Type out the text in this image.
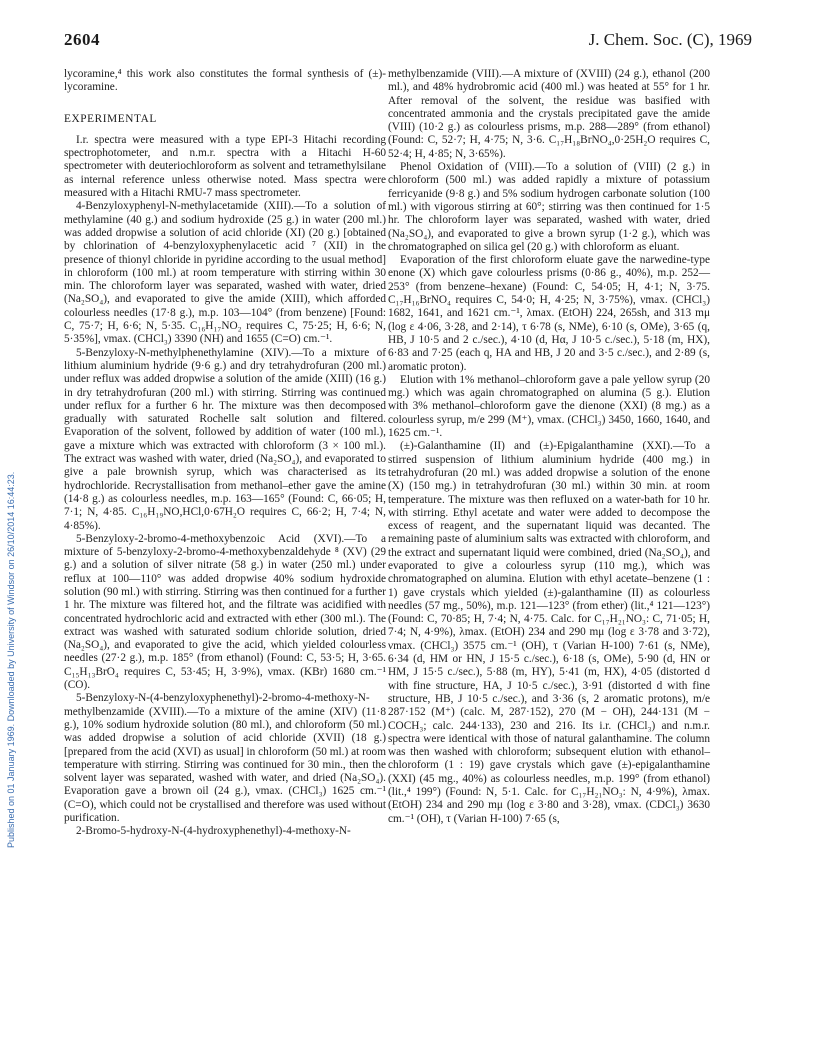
2604	J. Chem. Soc. (C), 1969
Published on 01 January 1969. Downloaded by University of Windsor on 26/10/2014 16:44:23.

lycoramine,⁴ this work also constitutes the formal synthesis of (±)-lycoramine.

EXPERIMENTAL

I.r. spectra were measured with a type EPI-3 Hitachi recording spectrophotometer, and n.m.r. spectra with a Hitachi H-60 spectrometer with deuteriochloroform as solvent and tetramethylsilane as internal reference unless otherwise noted. Mass spectra were measured with a Hitachi RMU-7 mass spectrometer.

4-Benzyloxyphenyl-N-methylacetamide (XIII).—To a solution of methylamine (40 g.) and sodium hydroxide (25 g.) in water (200 ml.) was added dropwise a solution of acid chloride (XI) (20 g.) [obtained by chlorination of 4-benzyloxyphenylacetic acid ⁷ (XII) in the presence of thionyl chloride in pyridine according to the usual method] in chloroform (100 ml.) at room temperature with stirring within 30 min. The chloroform layer was separated, washed with water, dried (Na₂SO₄), and evaporated to give the amide (XIII), which afforded colourless needles (17·8 g.), m.p. 103—104° (from benzene) [Found: C, 75·7; H, 6·6; N, 5·35. C₁₆H₁₇NO₂ requires C, 75·25; H, 6·6; N, 5·35%], νmax. (CHCl₃) 3390 (NH) and 1655 (C=O) cm.⁻¹.

5-Benzyloxy-N-methylphenethylamine (XIV).—To a mixture of lithium aluminium hydride (9·6 g.) and dry tetrahydrofuran (200 ml.) under reflux was added dropwise a solution of the amide (XIII) (16 g.) in dry tetrahydrofuran (200 ml.) with stirring. Stirring was continued under reflux for a further 6 hr. The mixture was then decomposed gradually with saturated Rochelle salt solution and filtered. Evaporation of the solvent, followed by addition of water (100 ml.), gave a mixture which was extracted with chloroform (3 × 100 ml.). The extract was washed with water, dried (Na₂SO₄), and evaporated to give a pale brownish syrup, which was characterised as its hydrochloride. Recrystallisation from methanol–ether gave the amine (14·8 g.) as colourless needles, m.p. 163—165° (Found: C, 66·05; H, 7·1; N, 4·85. C₁₆H₁₉NO,HCl,0·67H₂O requires C, 66·2; H, 7·4; N, 4·85%).

5-Benzyloxy-2-bromo-4-methoxybenzoic Acid (XVI).—To a mixture of 5-benzyloxy-2-bromo-4-methoxybenzaldehyde ⁸ (XV) (29 g.) and a solution of silver nitrate (58 g.) in water (250 ml.) under reflux at 100—110° was added dropwise 40% sodium hydroxide solution (90 ml.) with stirring. Stirring was then continued for a further 1 hr. The mixture was filtered hot, and the filtrate was acidified with concentrated hydrochloric acid and extracted with ether (300 ml.). The extract was washed with saturated sodium chloride solution, dried (Na₂SO₄), and evaporated to give the acid, which yielded colourless needles (27·2 g.), m.p. 185° (from ethanol) (Found: C, 53·5; H, 3·65. C₁₅H₁₃BrO₄ requires C, 53·45; H, 3·9%), νmax. (KBr) 1680 cm.⁻¹ (CO).

5-Benzyloxy-N-(4-benzyloxyphenethyl)-2-bromo-4-methoxy-N-methylbenzamide (XVIII).—To a mixture of the amine (XIV) (11·8 g.), 10% sodium hydroxide solution (80 ml.), and chloroform (50 ml.) was added dropwise a solution of acid chloride (XVII) (18 g.) [prepared from the acid (XVI) as usual] in chloroform (50 ml.) at room temperature with stirring. Stirring was continued for 30 min., then the solvent layer was separated, washed with water, and dried (Na₂SO₄). Evaporation gave a brown oil (24 g.), νmax. (CHCl₃) 1625 cm.⁻¹ (C=O), which could not be crystallised and therefore was used without purification.

2-Bromo-5-hydroxy-N-(4-hydroxyphenethyl)-4-methoxy-N-

methylbenzamide (VIII).—A mixture of (XVIII) (24 g.), ethanol (200 ml.), and 48% hydrobromic acid (400 ml.) was heated at 55° for 1 hr. After removal of the solvent, the residue was basified with concentrated ammonia and the crystals precipitated gave the amide (VIII) (10·2 g.) as colourless prisms, m.p. 288—289° (from ethanol) (Found: C, 52·7; H, 4·75; N, 3·6. C₁₇H₁₈BrNO₄,0·25H₂O requires C, 52·4; H, 4·85; N, 3·65%).

Phenol Oxidation of (VIII).—To a solution of (VIII) (2 g.) in chloroform (500 ml.) was added rapidly a mixture of potassium ferricyanide (9·8 g.) and 5% sodium hydrogen carbonate solution (100 ml.) with vigorous stirring at 60°; stirring was then continued for 1·5 hr. The chloroform layer was separated, washed with water, dried (Na₂SO₄), and evaporated to give a brown syrup (1·2 g.), which was chromatographed on silica gel (20 g.) with chloroform as eluant.

Evaporation of the first chloroform eluate gave the narwedine-type enone (X) which gave colourless prisms (0·86 g., 40%), m.p. 252—253° (from benzene–hexane) (Found: C, 54·05; H, 4·1; N, 3·75. C₁₇H₁₆BrNO₄ requires C, 54·0; H, 4·25; N, 3·75%), νmax. (CHCl₃) 1682, 1641, and 1621 cm.⁻¹, λmax. (EtOH) 224, 265sh, and 313 mμ (log ε 4·06, 3·28, and 2·14), τ 6·78 (s, NMe), 6·10 (s, OMe), 3·65 (q, HB, J 10·5 and 2 c./sec.), 4·10 (d, Hα, J 10·5 c./sec.), 5·18 (m, HX), 6·83 and 7·25 (each q, HA and HB, J 20 and 3·5 c./sec.), and 2·89 (s, aromatic proton).

Elution with 1% methanol–chloroform gave a pale yellow syrup (20 mg.) which was again chromatographed on alumina (5 g.). Elution with 3% methanol–chloroform gave the dienone (XXI) (8 mg.) as a colourless syrup, m/e 299 (M⁺), νmax. (CHCl₃) 3450, 1660, 1640, and 1625 cm.⁻¹.

(±)-Galanthamine (II) and (±)-Epigalanthamine (XXI).—To a stirred suspension of lithium aluminium hydride (400 mg.) in tetrahydrofuran (20 ml.) was added dropwise a solution of the enone (X) (150 mg.) in tetrahydrofuran (30 ml.) within 30 min. at room temperature. The mixture was then refluxed on a water-bath for 10 hr. with stirring. Ethyl acetate and water were added to decompose the excess of reagent, and the supernatant liquid was decanted. The remaining paste of aluminium salts was extracted with chloroform, and the extract and supernatant liquid were combined, dried (Na₂SO₄), and evaporated to give a colourless syrup (110 mg.), which was chromatographed on alumina. Elution with ethyl acetate–benzene (1 : 1) gave crystals which yielded (±)-galanthamine (II) as colourless needles (57 mg., 50%), m.p. 121—123° (from ether) (lit.,⁴ 121—123°) (Found: C, 70·85; H, 7·4; N, 4·75. Calc. for C₁₇H₂₁NO₃: C, 71·05; H, 7·4; N, 4·9%), λmax. (EtOH) 234 and 290 mμ (log ε 3·78 and 3·72), νmax. (CHCl₃) 3575 cm.⁻¹ (OH), τ (Varian H-100) 7·61 (s, NMe), 6·34 (d, HM or HN, J 15·5 c./sec.), 6·18 (s, OMe), 5·90 (d, HN or HM, J 15·5 c./sec.), 5·88 (m, HY), 5·41 (m, HX), 4·05 (distorted d with fine structure, HA, J 10·5 c./sec.), 3·91 (distorted d with fine structure, HB, J 10·5 c./sec.), and 3·36 (s, 2 aromatic protons), m/e 287·152 (M⁺) (calc. M, 287·152), 270 (M − OH), 244·131 (M − COCH₃; calc. 244·133), 230 and 216. Its i.r. (CHCl₃) and n.m.r. spectra were identical with those of natural galanthamine. The column was then washed with chloroform; subsequent elution with ethanol–chloroform (1 : 19) gave crystals which gave (±)-epigalanthamine (XXI) (45 mg., 40%) as colourless needles, m.p. 199° (from ethanol) (lit.,⁴ 199°) (Found: N, 5·1. Calc. for C₁₇H₂₁NO₃: N, 4·9%), λmax. (EtOH) 234 and 290 mμ (log ε 3·80 and 3·28), νmax. (CDCl₃) 3630 cm.⁻¹ (OH), τ (Varian H-100) 7·65 (s,
